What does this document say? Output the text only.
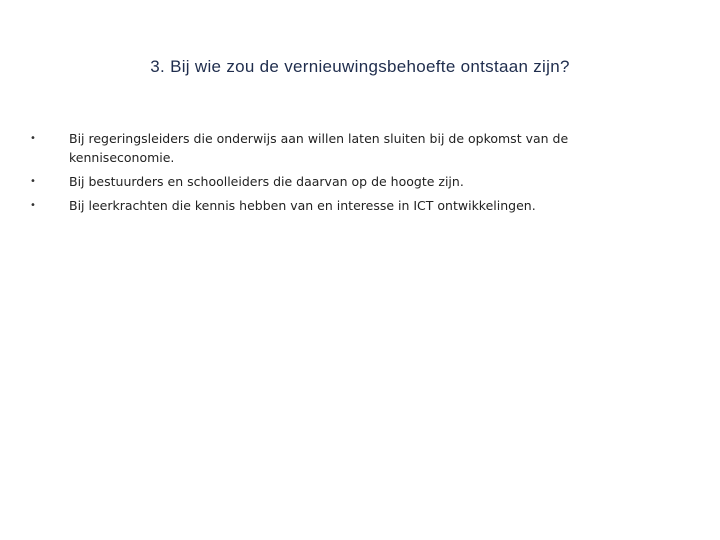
3. Bij wie zou de vernieuwingsbehoefte ontstaan zijn?
•	Bij regeringsleiders die onderwijs aan willen laten sluiten bij de opkomst van de kenniseconomie.
•	Bij bestuurders en schoolleiders die daarvan op de hoogte zijn.
•	Bij leerkrachten die kennis hebben van en interesse in ICT ontwikkelingen.
